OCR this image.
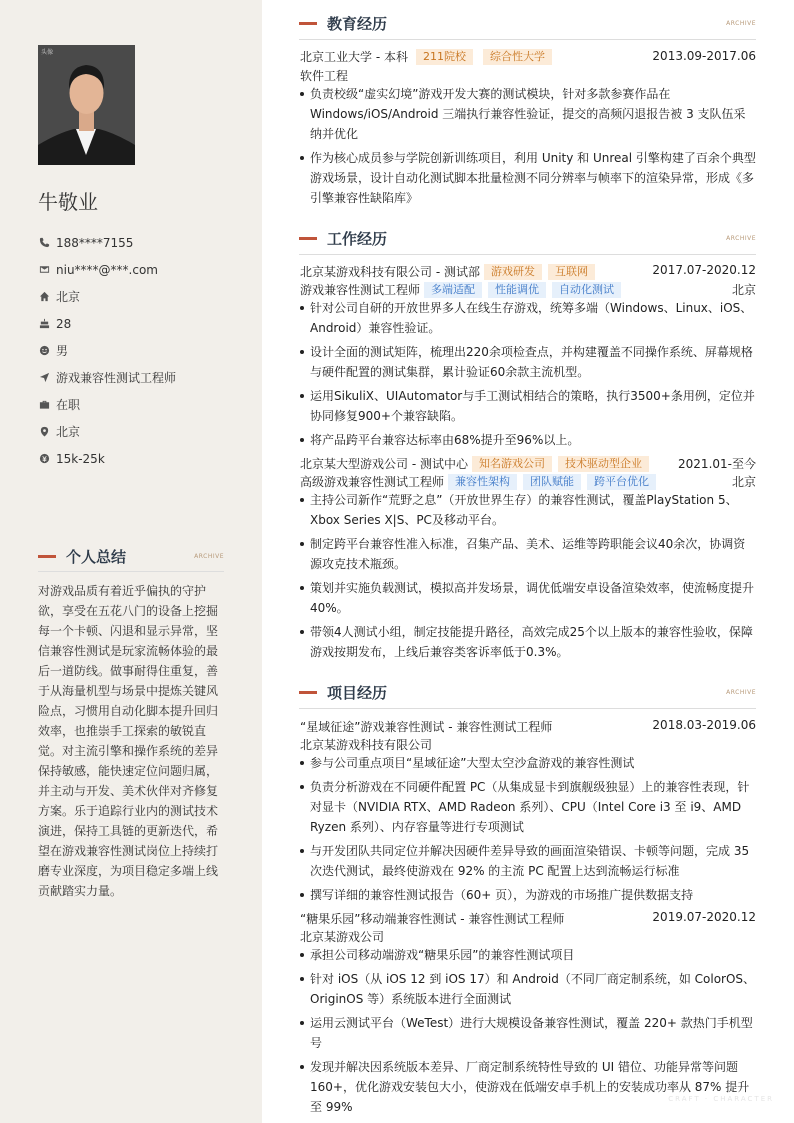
头像
牛敬业
188****7155
niu****@***.com
北京
28
男
游戏兼容性测试工程师
在职
北京
15k-25k
个人总结	ARCHIVE
对游戏品质有着近乎偏执的守护欲，享受在五花八门的设备上挖掘每一个卡顿、闪退和显示异常，坚信兼容性测试是玩家流畅体验的最后一道防线。做事耐得住重复，善于从海量机型与场景中提炼关键风险点，习惯用自动化脚本提升回归效率，也推崇手工探索的敏锐直觉。对主流引擎和操作系统的差异保持敏感，能快速定位问题归属，并主动与开发、美术伙伴对齐修复方案。乐于追踪行业内的测试技术演进，保持工具链的更新迭代，希望在游戏兼容性测试岗位上持续打磨专业深度，为项目稳定多端上线贡献踏实力量。
教育经历	ARCHIVE
北京工业大学 - 本科	211院校	综合性大学	2013.09-2017.06
软件工程
负责校级“虚实幻境”游戏开发大赛的测试模块，针对多款参赛作品在 Windows/iOS/Android 三端执行兼容性验证，提交的高频闪退报告被 3 支队伍采纳并优化
作为核心成员参与学院创新训练项目，利用 Unity 和 Unreal 引擎构建了百余个典型游戏场景，设计自动化测试脚本批量检测不同分辨率与帧率下的渲染异常，形成《多引擎兼容性缺陷库》
工作经历	ARCHIVE
北京某游戏科技有限公司 - 测试部	游戏研发	互联网	2017.07-2020.12
游戏兼容性测试工程师	多端适配	性能调优	自动化测试	北京
针对公司自研的开放世界多人在线生存游戏，统筹多端（Windows、Linux、iOS、Android）兼容性验证。
设计全面的测试矩阵，梳理出220余项检查点，并构建覆盖不同操作系统、屏幕规格与硬件配置的测试集群，累计验证60余款主流机型。
运用SikuliX、UIAutomator与手工测试相结合的策略，执行3500+条用例，定位并协同修复900+个兼容缺陷。
将产品跨平台兼容达标率由68%提升至96%以上。
北京某大型游戏公司 - 测试中心	知名游戏公司	技术驱动型企业	2021.01-至今
高级游戏兼容性测试工程师	兼容性架构	团队赋能	跨平台优化	北京
主持公司新作“荒野之息”（开放世界生存）的兼容性测试，覆盖PlayStation 5、Xbox Series X|S、PC及移动平台。
制定跨平台兼容性准入标准，召集产品、美术、运维等跨职能会议40余次，协调资源攻克技术瓶颈。
策划并实施负载测试，模拟高并发场景，调优低端安卓设备渲染效率，使流畅度提升40%。
带领4人测试小组，制定技能提升路径，高效完成25个以上版本的兼容性验收，保障游戏按期发布，上线后兼容类客诉率低于0.3%。
项目经历	ARCHIVE
“星域征途”游戏兼容性测试 - 兼容性测试工程师	2018.03-2019.06
北京某游戏科技有限公司
参与公司重点项目“星域征途”大型太空沙盒游戏的兼容性测试
负责分析游戏在不同硬件配置 PC（从集成显卡到旗舰级独显）上的兼容性表现，针对显卡（NVIDIA RTX、AMD Radeon 系列）、CPU（Intel Core i3 至 i9、AMD Ryzen 系列）、内存容量等进行专项测试
与开发团队共同定位并解决因硬件差异导致的画面渲染错误、卡顿等问题，完成 35 次迭代测试，最终使游戏在 92% 的主流 PC 配置上达到流畅运行标准
撰写详细的兼容性测试报告（60+ 页），为游戏的市场推广提供数据支持
“糖果乐园”移动端兼容性测试 - 兼容性测试工程师	2019.07-2020.12
北京某游戏公司
承担公司移动端游戏“糖果乐园”的兼容性测试项目
针对 iOS（从 iOS 12 到 iOS 17）和 Android（不同厂商定制系统，如 ColorOS、OriginOS 等）系统版本进行全面测试
运用云测试平台（WeTest）进行大规模设备兼容性测试，覆盖 220+ 款热门手机型号
发现并解决因系统版本差异、厂商定制系统特性导致的 UI 错位、功能异常等问题 160+，优化游戏安装包大小，使游戏在低端安卓手机上的安装成功率从 87% 提升至 99%
CRAFT · CHARACTER
